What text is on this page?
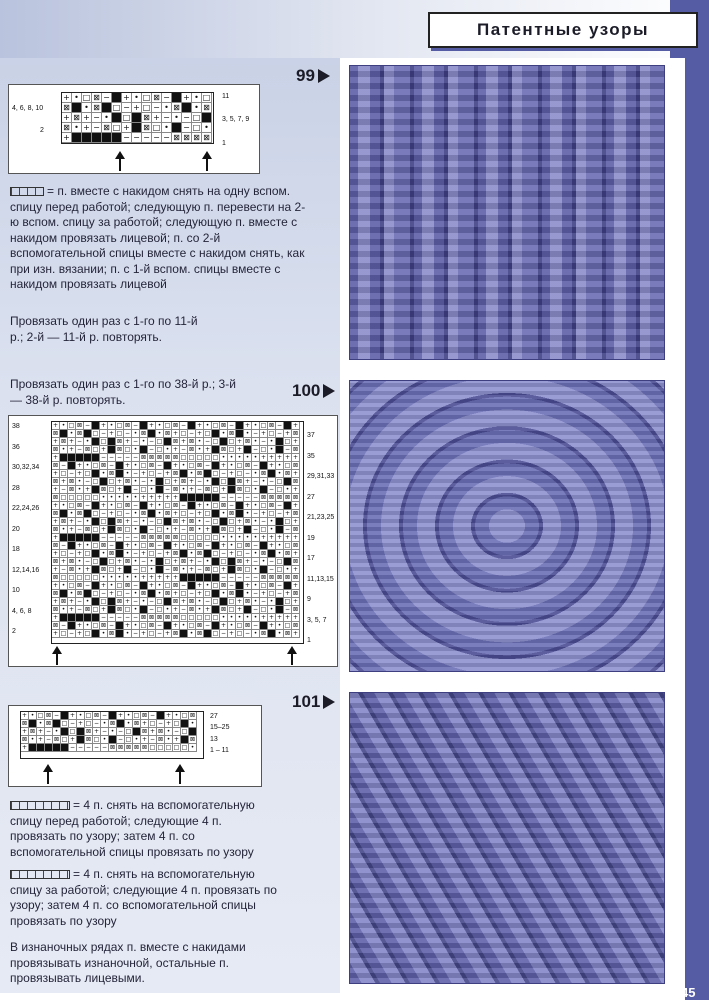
Патентные узоры
4, 6, 8, 10
2
+ • □ ⊠ − + • □ ⊠ − + • □
⊠ • ⊠ □ − + □ − • ⊠ • ⊠
+ ⊠ + − •	□ ⊠ + − • − □
⊠ • + − ⊠ □ + ⊠ □ •	− □ •
+	− − − − − ⊠ ⊠ ⊠ ⊠
11
3, 5, 7, 9
1
= п. вместе с накидом снять на одну вспом. спицу перед работой; следующую п. перевести на 2-ю вспом. спицу за работой; следующую п. вместе с накидом провязать лицевой; п. со 2-й вспомогательной спицы вместе с накидом снять, как при изн. вязании; п. с 1-й вспом. спицы вместе с накидом провязать лицевой
Провязать один раз с 1-го по 11-й р.; 2-й — 11-й р. повторять.
99
Провязать один раз с 1-го по 38-й р.; 3-й — 38-й р. повторять.
+ • □ ⊠ −	+ • □ ⊠ −	+ • □ ⊠ −	+ • □ ⊠ −	+ • □ ⊠ −	+
⊠	• ⊠	□ − + □ − • ⊠	• ⊠ + □ − + □ • ⊠	• − + □ − + ⊠
+ ⊠ + − •	□ ⊠ + − • − □ ⊠ + ⊠ • − □ □ + ⊠ • − •	□ +
⊠ • + − ⊠ □ +	⊠ □ •	− □ • + − ⊠ • +	⊠ □ +	− □ •	− ⊠
+	− − − − − ⊠ ⊠ ⊠ ⊠ ⊠ □ □ □ □ □ • • • • • + + + + +
⊠ −	+ • □ ⊠ −	+ • □ ⊠ −	+ • □ ⊠ −	+ • □ ⊠ −	+ • □ ⊠
+ □ − + □ • ⊠	• − + □ − + ⊠	• ⊠	□ − + □ − • ⊠	• ⊠ +
⊠ + ⊠ • − □ □ + ⊠ • − •	□ + ⊠ + − •	□ ⊠ + − • − □ ⊠
+ − ⊠ • +	⊠ □ +	− □ •	− ⊠ • + − ⊠ □ +	⊠ □ •	− □ • +
⊠ □ □ □ □ □ • • • • • + + + + +	− − − − − ⊠ ⊠ ⊠ ⊠ ⊠
+ • □ ⊠ −	+ • □ ⊠ −	+ • □ ⊠ −	+ • □ ⊠ −	+ • □ ⊠ −	+
⊠	• ⊠	□ − + □ − • ⊠	• ⊠ + □ − + □ • ⊠	• − + □ − + ⊠
+ ⊠ + − •	□ ⊠ + − • − □ ⊠ + ⊠ • − □ □ + ⊠ • − •	□ +
⊠ • + − ⊠ □ +	⊠ □ •	− □ • + − ⊠ • +	⊠ □ +	− □ •	− ⊠
+	− − − − − ⊠ ⊠ ⊠ ⊠ ⊠ □ □ □ □ □ • • • • • + + + + +
⊠ −	+ • □ ⊠ −	+ • □ ⊠ −	+ • □ ⊠ −	+ • □ ⊠ −	+ • □ ⊠
+ □ − + □ • ⊠	• − + □ − + ⊠	• ⊠	□ − + □ − • ⊠	• ⊠ +
⊠ + ⊠ • − □ □ + ⊠ • − •	□ + ⊠ + − •	□ ⊠ + − • − □ ⊠
+ − ⊠ • +	⊠ □ +	− □ •	− ⊠ • + − ⊠ □ +	⊠ □ •	− □ • +
⊠ □ □ □ □ □ • • • • • + + + + +	− − − − − ⊠ ⊠ ⊠ ⊠ ⊠
+ • □ ⊠ −	+ • □ ⊠ −	+ • □ ⊠ −	+ • □ ⊠ −	+ • □ ⊠ −	+
⊠	• ⊠	□ − + □ − • ⊠	• ⊠ + □ − + □ • ⊠	• − + □ − + ⊠
+ ⊠ + − •	□ ⊠ + − • − □ ⊠ + ⊠ • − □ □ + ⊠ • − •	□ +
⊠ • + − ⊠ □ +	⊠ □ •	− □ • + − ⊠ • +	⊠ □ +	− □ •	− ⊠
+	− − − − − ⊠ ⊠ ⊠ ⊠ ⊠ □ □ □ □ □ • • • • • + + + + +
⊠ −	+ • □ ⊠ −	+ • □ ⊠ −	+ • □ ⊠ −	+ • □ ⊠ −	+ • □ ⊠
+ □ − + □ • ⊠	• − + □ − + ⊠	• ⊠	□ − + □ − • ⊠	• ⊠ +
38
36
30,32,34
28
22,24,26
20
18
12,14,16
10
4, 6, 8
2
37
35
29,31,33
27
21,23,25
19
17
11,13,15
9
3, 5, 7
1
100
+ • □ ⊠ −	+ • □ ⊠ −	+ • □ ⊠ −	+ • □ ⊠
⊠	• ⊠	□ − + □ − • ⊠	• ⊠ + □ − + □ •
+ ⊠ + − •	□ ⊠ + − • − □ ⊠ + ⊠ • − □
⊠ • + − ⊠ □ +	⊠ □ •	− □ • + − ⊠ • +	⊠
+	− − − − − ⊠ ⊠ ⊠ ⊠ ⊠ □ □ □ □ □ •
27
15–25
13
1 – 11
= 4 п. снять на вспомогательную спицу перед работой; следующие 4 п. провязать по узору; затем 4 п. со вспомогательной спицы провязать по узору
= 4 п. снять на вспомогательную спицу за работой; следующие 4 п. провязать по узору; затем 4 п. со вспомогательной спицы провязать по узору
В изнаночных рядах п. вместе с накидами провязывать изнаночной, остальные п. провязывать лицевыми.
101
45
